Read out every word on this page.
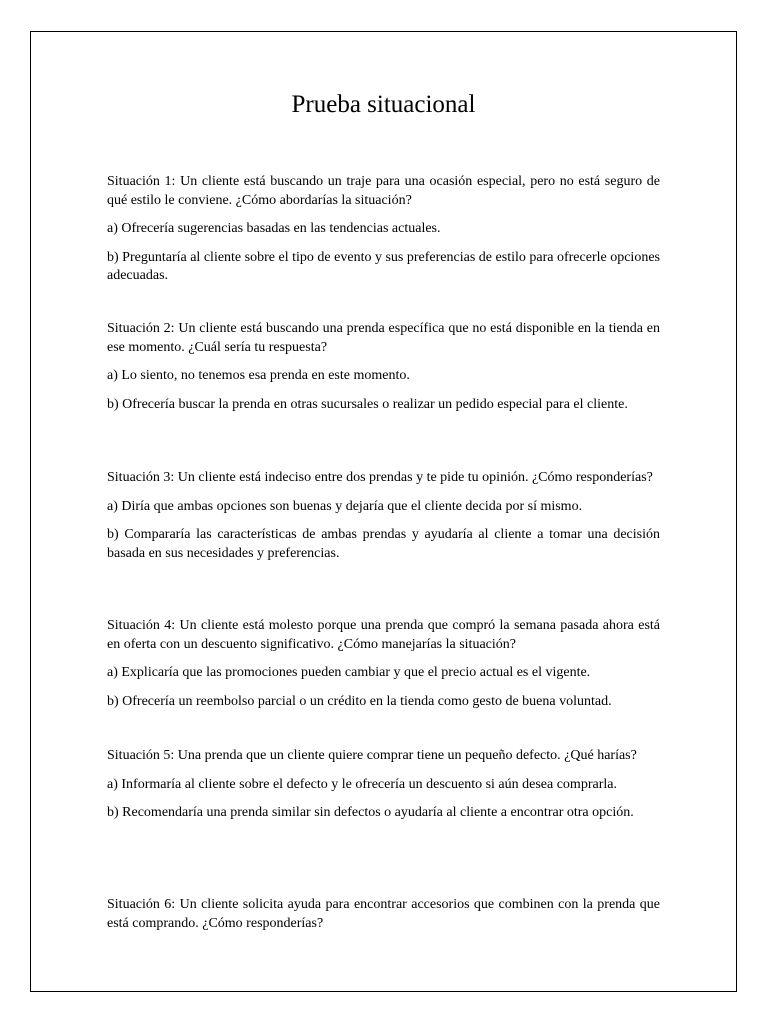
Prueba situacional

Situación 1: Un cliente está buscando un traje para una ocasión especial, pero no está seguro de qué estilo le conviene. ¿Cómo abordarías la situación?

a) Ofrecería sugerencias basadas en las tendencias actuales.

b) Preguntaría al cliente sobre el tipo de evento y sus preferencias de estilo para ofrecerle opciones adecuadas.

Situación 2: Un cliente está buscando una prenda específica que no está disponible en la tienda en ese momento. ¿Cuál sería tu respuesta?

a) Lo siento, no tenemos esa prenda en este momento.

b) Ofrecería buscar la prenda en otras sucursales o realizar un pedido especial para el cliente.

Situación 3: Un cliente está indeciso entre dos prendas y te pide tu opinión. ¿Cómo responderías?

a) Diría que ambas opciones son buenas y dejaría que el cliente decida por sí mismo.

b) Compararía las características de ambas prendas y ayudaría al cliente a tomar una decisión basada en sus necesidades y preferencias.

Situación 4: Un cliente está molesto porque una prenda que compró la semana pasada ahora está en oferta con un descuento significativo. ¿Cómo manejarías la situación?

a) Explicaría que las promociones pueden cambiar y que el precio actual es el vigente.

b) Ofrecería un reembolso parcial o un crédito en la tienda como gesto de buena voluntad.

Situación 5: Una prenda que un cliente quiere comprar tiene un pequeño defecto. ¿Qué harías?

a) Informaría al cliente sobre el defecto y le ofrecería un descuento si aún desea comprarla.

b) Recomendaría una prenda similar sin defectos o ayudaría al cliente a encontrar otra opción.

Situación 6: Un cliente solicita ayuda para encontrar accesorios que combinen con la prenda que está comprando. ¿Cómo responderías?
